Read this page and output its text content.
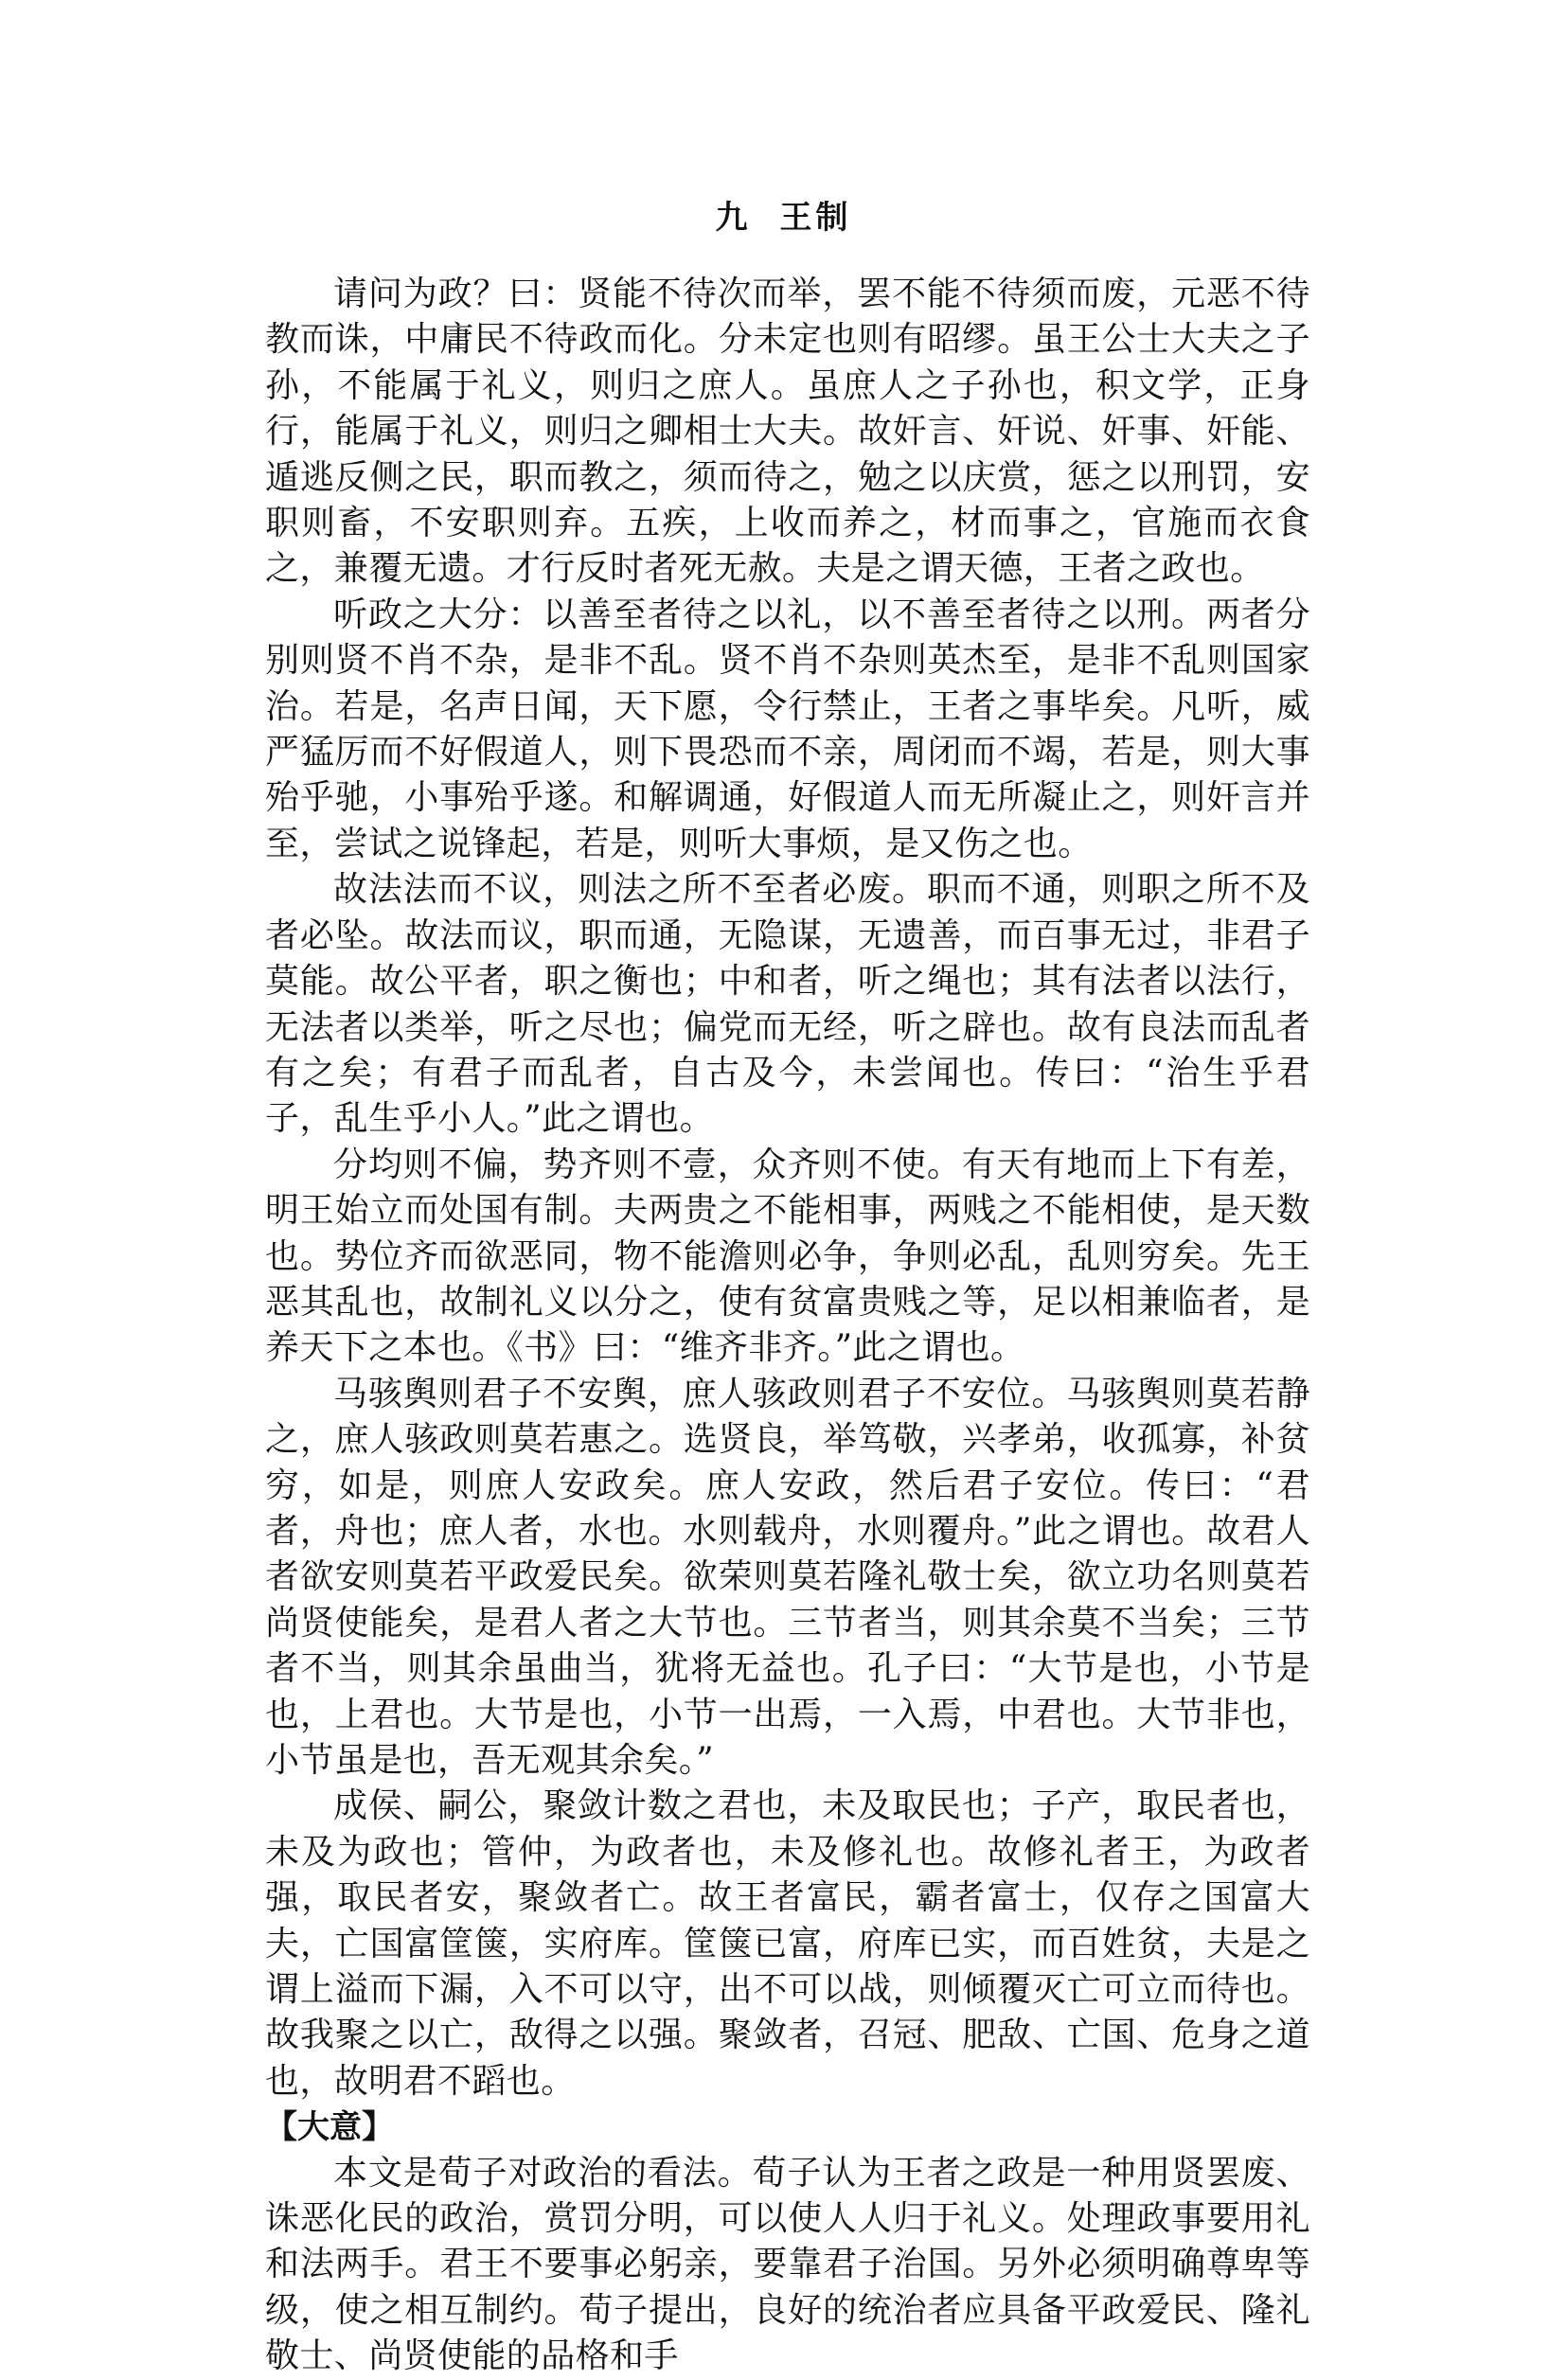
九 王制

请问为政？曰：贤能不待次而举，罢不能不待须而废，元恶不待教而诛，中庸民不待政而化。分未定也则有昭缪。虽王公士大夫之子孙，不能属于礼义，则归之庶人。虽庶人之子孙也，积文学，正身行，能属于礼义，则归之卿相士大夫。故奸言、奸说、奸事、奸能、遁逃反侧之民，职而教之，须而待之，勉之以庆赏，惩之以刑罚，安职则畜，不安职则弃。五疾，上收而养之，材而事之，官施而衣食之，兼覆无遗。才行反时者死无赦。夫是之谓天德，王者之政也。

听政之大分：以善至者待之以礼，以不善至者待之以刑。两者分别则贤不肖不杂，是非不乱。贤不肖不杂则英杰至，是非不乱则国家治。若是，名声日闻，天下愿，令行禁止，王者之事毕矣。凡听，威严猛厉而不好假道人，则下畏恐而不亲，周闭而不竭，若是，则大事殆乎驰，小事殆乎遂。和解调通，好假道人而无所凝止之，则奸言并至，尝试之说锋起，若是，则听大事烦，是又伤之也。

故法法而不议，则法之所不至者必废。职而不通，则职之所不及者必坠。故法而议，职而通，无隐谋，无遗善，而百事无过，非君子莫能。故公平者，职之衡也；中和者，听之绳也；其有法者以法行，无法者以类举，听之尽也；偏党而无经，听之辟也。故有良法而乱者有之矣；有君子而乱者，自古及今，未尝闻也。传曰：“治生乎君子，乱生乎小人。”此之谓也。

分均则不偏，势齐则不壹，众齐则不使。有天有地而上下有差，明王始立而处国有制。夫两贵之不能相事，两贱之不能相使，是天数也。势位齐而欲恶同，物不能澹则必争，争则必乱，乱则穷矣。先王恶其乱也，故制礼义以分之，使有贫富贵贱之等，足以相兼临者，是养天下之本也。《书》曰：“维齐非齐。”此之谓也。

马骇舆则君子不安舆，庶人骇政则君子不安位。马骇舆则莫若静之，庶人骇政则莫若惠之。选贤良，举笃敬，兴孝弟，收孤寡，补贫穷，如是，则庶人安政矣。庶人安政，然后君子安位。传曰：“君者，舟也；庶人者，水也。水则载舟，水则覆舟。”此之谓也。故君人者欲安则莫若平政爱民矣。欲荣则莫若隆礼敬士矣，欲立功名则莫若尚贤使能矣，是君人者之大节也。三节者当，则其余莫不当矣；三节者不当，则其余虽曲当，犹将无益也。孔子曰：“大节是也，小节是也，上君也。大节是也，小节一出焉，一入焉，中君也。大节非也，小节虽是也，吾无观其余矣。”

成侯、嗣公，聚敛计数之君也，未及取民也；子产，取民者也，未及为政也；管仲，为政者也，未及修礼也。故修礼者王，为政者强，取民者安，聚敛者亡。故王者富民，霸者富士，仅存之国富大夫，亡国富筐箧，实府库。筐箧已富，府库已实，而百姓贫，夫是之谓上溢而下漏，入不可以守，出不可以战，则倾覆灭亡可立而待也。故我聚之以亡，敌得之以强。聚敛者，召冠、肥敌、亡国、危身之道也，故明君不蹈也。

【大意】

本文是荀子对政治的看法。荀子认为王者之政是一种用贤罢废、诛恶化民的政治，赏罚分明，可以使人人归于礼义。处理政事要用礼和法两手。君王不要事必躬亲，要靠君子治国。另外必须明确尊卑等级，使之相互制约。荀子提出，良好的统治者应具备平政爱民、隆礼敬士、尚贤使能的品格和手
